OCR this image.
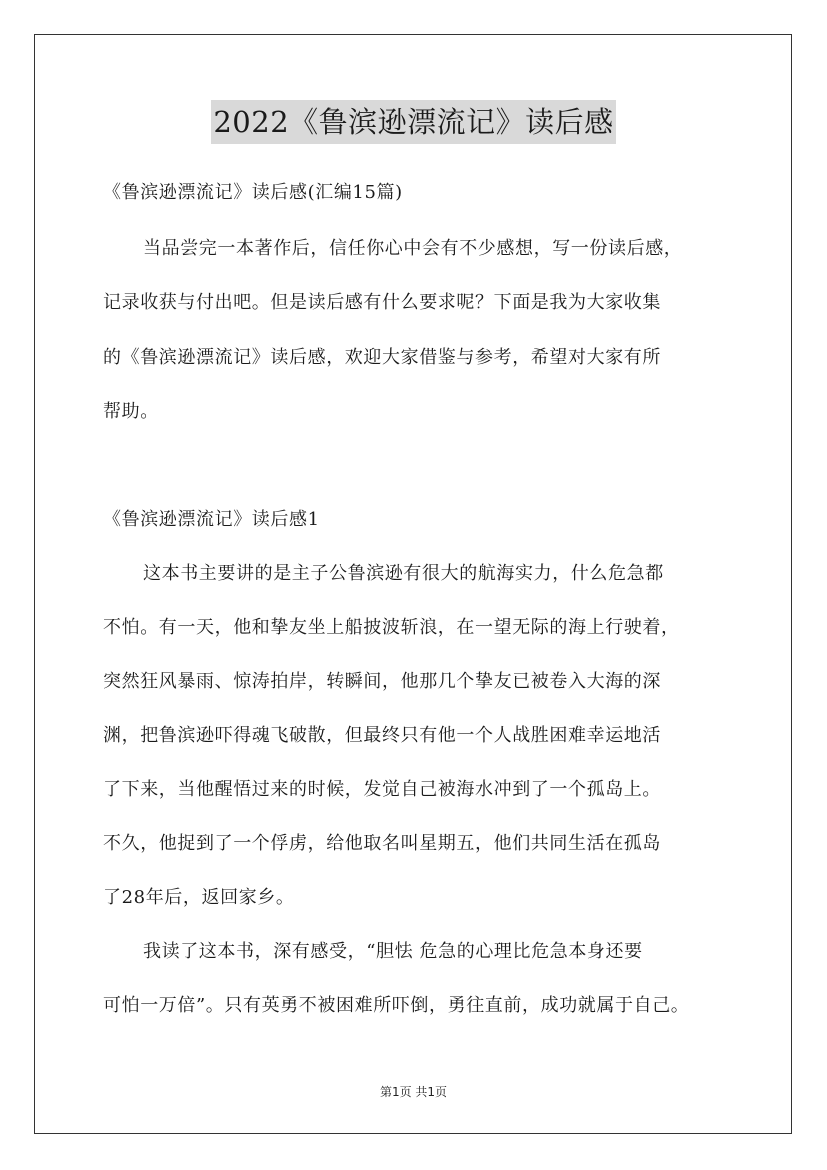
2022《鲁滨逊漂流记》读后感
《鲁滨逊漂流记》读后感(汇编15篇)
当品尝完一本著作后，信任你心中会有不少感想，写一份读后感，
记录收获与付出吧。但是读后感有什么要求呢？下面是我为大家收集
的《鲁滨逊漂流记》读后感，欢迎大家借鉴与参考，希望对大家有所
帮助。
《鲁滨逊漂流记》读后感1
这本书主要讲的是主子公鲁滨逊有很大的航海实力，什么危急都
不怕。有一天，他和挚友坐上船披波斩浪，在一望无际的海上行驶着，
突然狂风暴雨、惊涛拍岸，转瞬间，他那几个挚友已被卷入大海的深
渊，把鲁滨逊吓得魂飞破散，但最终只有他一个人战胜困难幸运地活
了下来，当他醒悟过来的时候，发觉自己被海水冲到了一个孤岛上。
不久，他捉到了一个俘虏，给他取名叫星期五，他们共同生活在孤岛
了28年后，返回家乡。
我读了这本书，深有感受，“胆怯 危急的心理比危急本身还要
可怕一万倍”。只有英勇不被困难所吓倒，勇往直前，成功就属于自己。
第1页 共1页
